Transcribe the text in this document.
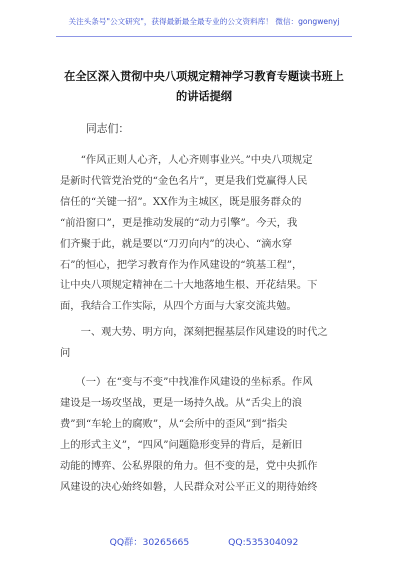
关注头条号"公文研究"，获得最新最全最专业的公文资料库！ 微信：gongwenyj
在全区深入贯彻中央八项规定精神学习教育专题读书班上
的讲话提纲
同志们：
　　“作风正则人心齐，人心齐则事业兴。”中央八项规定
是新时代管党治党的“金色名片”，更是我们党赢得人民
信任的“关键一招”。XX作为主城区，既是服务群众的
“前沿窗口”，更是推动发展的“动力引擎”。今天，我
们齐聚于此，就是要以“刀刃向内”的决心、“滴水穿
石”的恒心，把学习教育作为作风建设的“筑基工程”，
让中央八项规定精神在二十大地落地生根、开花结果。下
面，我结合工作实际，从四个方面与大家交流共勉。
　　一、观大势、明方向，深刻把握基层作风建设的时代之
问
　　（一）在“变与不变”中找准作风建设的坐标系。作风
建设是一场攻坚战，更是一场持久战。从“舌尖上的浪
费”到“车轮上的腐败”，从“会所中的歪风”到“指尖
上的形式主义”，“四风”问题隐形变异的背后，是新旧
动能的博弈、公私界限的角力。但不变的是，党中央抓作
风建设的决心始终如磐，人民群众对公平正义的期待始终
QQ群：30265665	QQ:535304092
